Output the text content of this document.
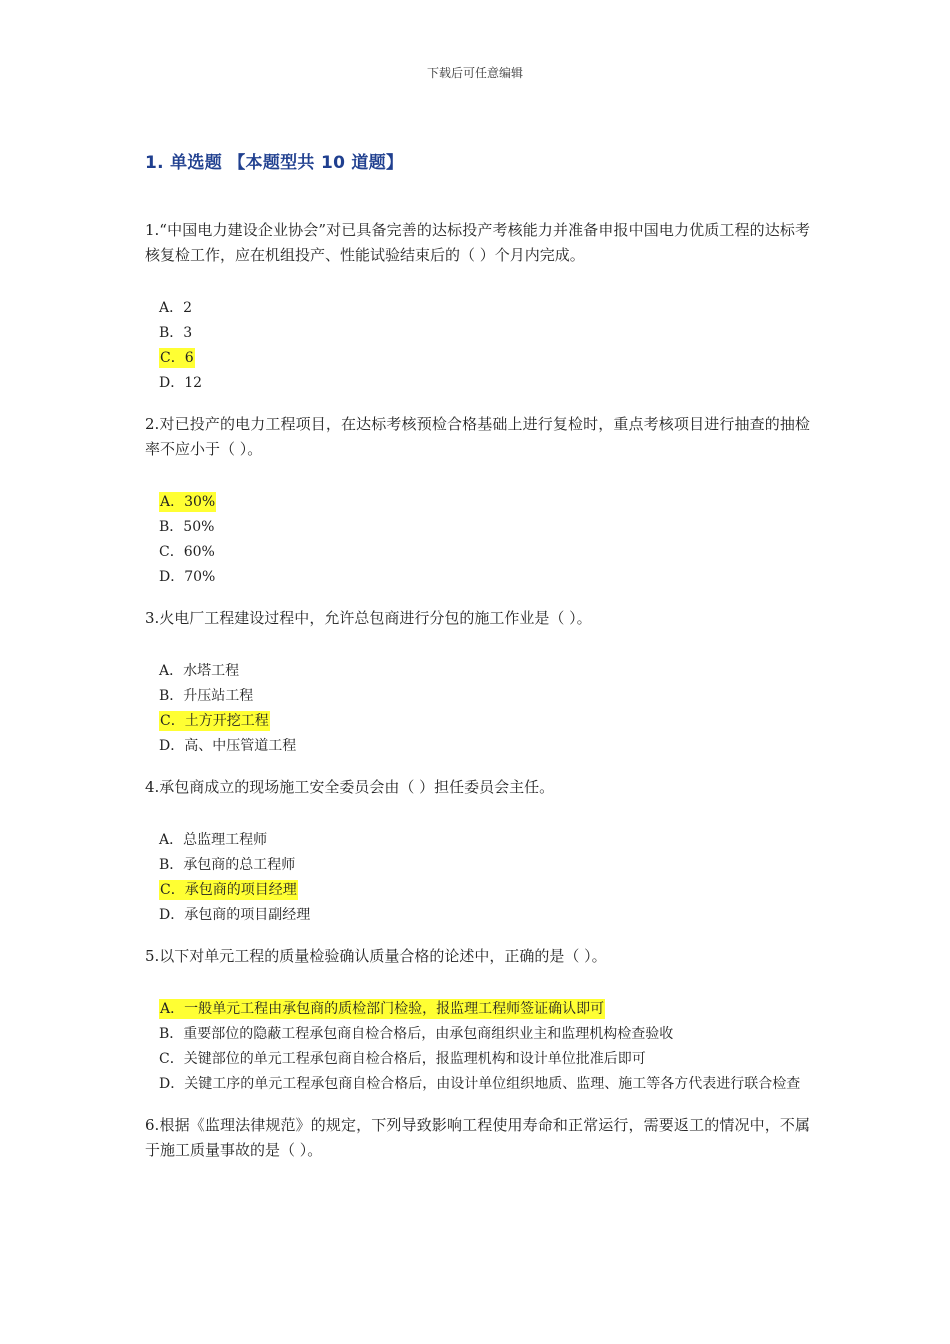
下载后可任意编辑
1. 单选题 【本题型共 10 道题】
1.“中国电力建设企业协会”对已具备完善的达标投产考核能力并准备申报中国电力优质工程的达标考核复检工作，应在机组投产、性能试验结束后的（ ）个月内完成。
A．2
B．3
C．6
D．12
2.对已投产的电力工程项目，在达标考核预检合格基础上进行复检时，重点考核项目进行抽查的抽检率不应小于（ ）。
A．30%
B．50%
C．60%
D．70%
3.火电厂工程建设过程中，允许总包商进行分包的施工作业是（ ）。
A．水塔工程
B．升压站工程
C．土方开挖工程
D．高、中压管道工程
4.承包商成立的现场施工安全委员会由（ ）担任委员会主任。
A．总监理工程师
B．承包商的总工程师
C．承包商的项目经理
D．承包商的项目副经理
5.以下对单元工程的质量检验确认质量合格的论述中，正确的是（ ）。
A．一般单元工程由承包商的质检部门检验，报监理工程师签证确认即可
B．重要部位的隐蔽工程承包商自检合格后，由承包商组织业主和监理机构检查验收
C．关键部位的单元工程承包商自检合格后，报监理机构和设计单位批准后即可
D．关键工序的单元工程承包商自检合格后，由设计单位组织地质、监理、施工等各方代表进行联合检查
6.根据《监理法律规范》的规定，下列导致影响工程使用寿命和正常运行，需要返工的情况中，不属于施工质量事故的是（ ）。
